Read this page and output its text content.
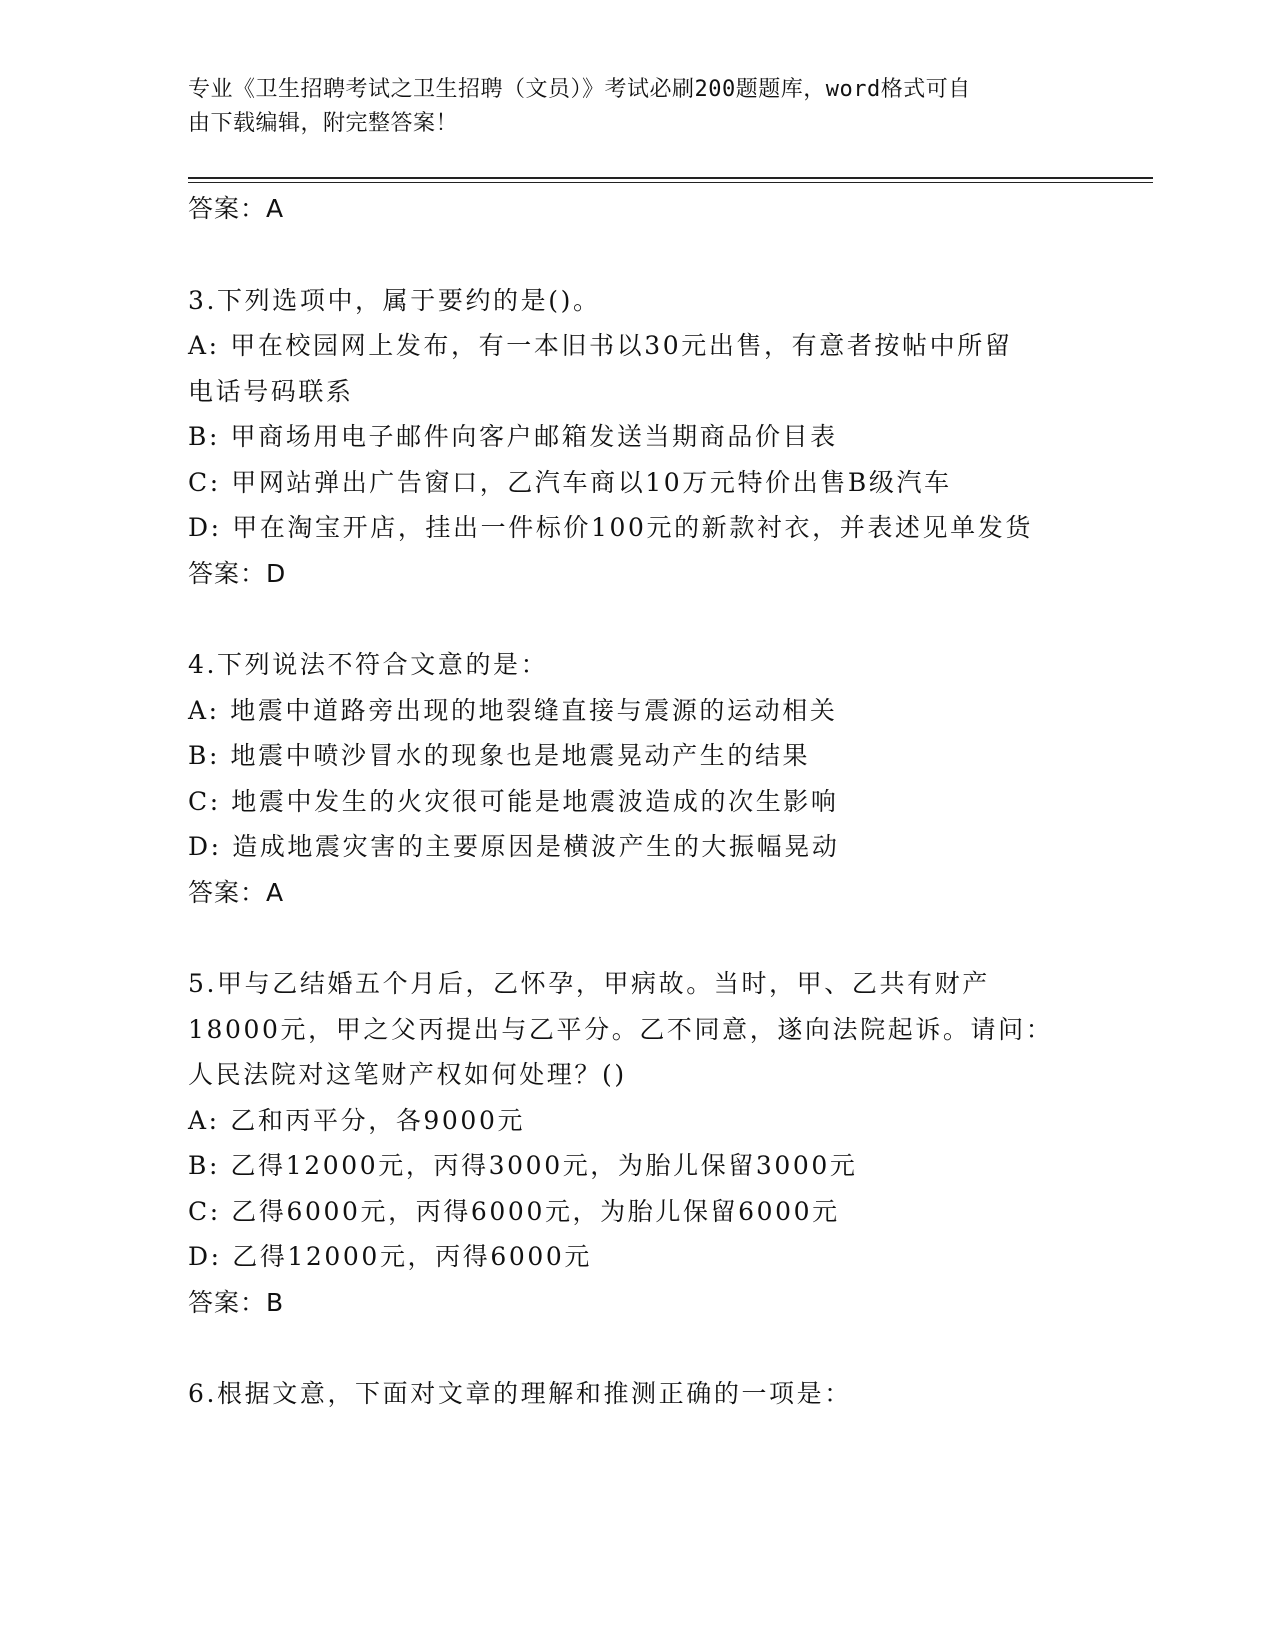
专业《卫生招聘考试之卫生招聘（文员）》考试必刷200题题库，word格式可自
由下载编辑，附完整答案！
答案：A
3.下列选项中，属于要约的是()。
A: 甲在校园网上发布，有一本旧书以30元出售，有意者按帖中所留
电话号码联系
B: 甲商场用电子邮件向客户邮箱发送当期商品价目表
C: 甲网站弹出广告窗口，乙汽车商以10万元特价出售B级汽车
D: 甲在淘宝开店，挂出一件标价100元的新款衬衣，并表述见单发货
答案：D
4.下列说法不符合文意的是：
A: 地震中道路旁出现的地裂缝直接与震源的运动相关
B: 地震中喷沙冒水的现象也是地震晃动产生的结果
C: 地震中发生的火灾很可能是地震波造成的次生影响
D: 造成地震灾害的主要原因是横波产生的大振幅晃动
答案：A
5.甲与乙结婚五个月后，乙怀孕，甲病故。当时，甲、乙共有财产
18000元，甲之父丙提出与乙平分。乙不同意，遂向法院起诉。请问：
人民法院对这笔财产权如何处理？()
A: 乙和丙平分，各9000元
B: 乙得12000元，丙得3000元，为胎儿保留3000元
C: 乙得6000元，丙得6000元，为胎儿保留6000元
D: 乙得12000元，丙得6000元
答案：B
6.根据文意，下面对文章的理解和推测正确的一项是：
